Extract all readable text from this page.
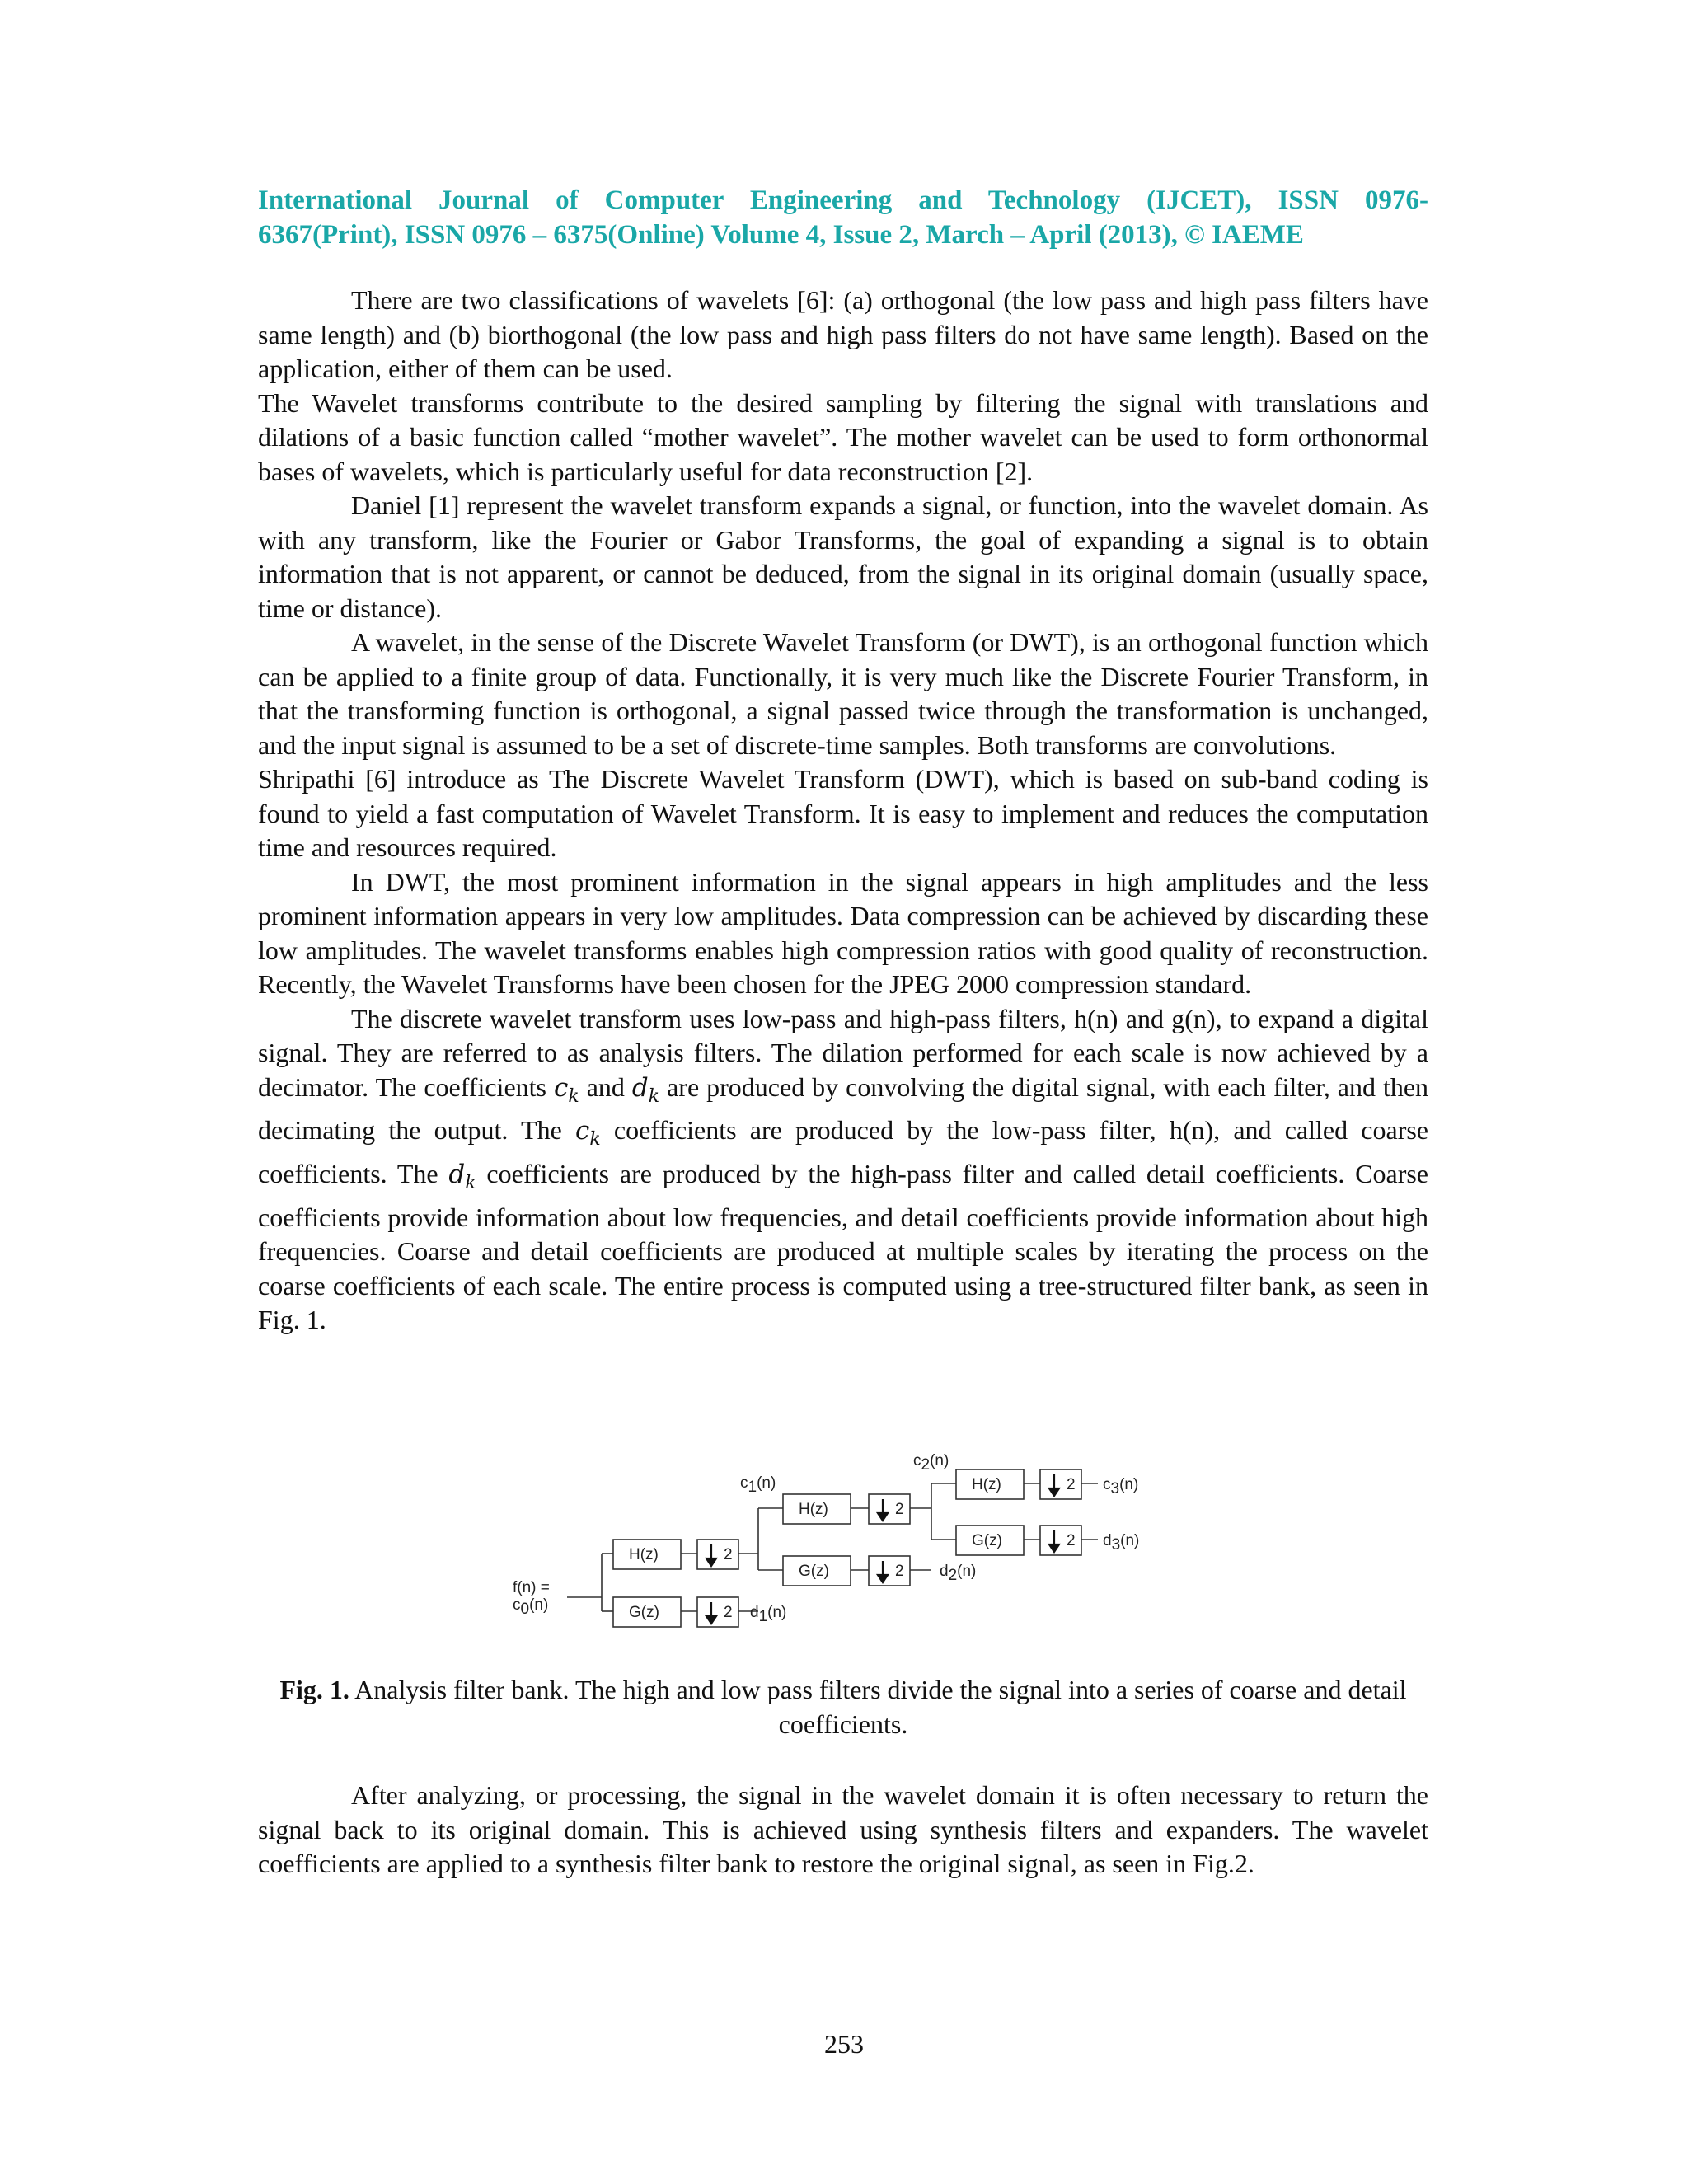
International Journal of Computer Engineering and Technology (IJCET), ISSN 0976-
6367(Print), ISSN 0976 – 6375(Online) Volume 4, Issue 2, March – April (2013), © IAEME

There are two classifications of wavelets [6]: (a) orthogonal (the low pass and high pass filters have same length) and (b) biorthogonal (the low pass and high pass filters do not have same length). Based on the application, either of them can be used.

The Wavelet transforms contribute to the desired sampling by filtering the signal with translations and dilations of a basic function called “mother wavelet”. The mother wavelet can be used to form orthonormal bases of wavelets, which is particularly useful for data reconstruction [2].

Daniel [1] represent the wavelet transform expands a signal, or function, into the wavelet domain. As with any transform, like the Fourier or Gabor Transforms, the goal of expanding a signal is to obtain information that is not apparent, or cannot be deduced, from the signal in its original domain (usually space, time or distance).

A wavelet, in the sense of the Discrete Wavelet Transform (or DWT), is an orthogonal function which can be applied to a finite group of data. Functionally, it is very much like the Discrete Fourier Transform, in that the transforming function is orthogonal, a signal passed twice through the transformation is unchanged, and the input signal is assumed to be a set of discrete-time samples. Both transforms are convolutions.

Shripathi [6] introduce as The Discrete Wavelet Transform (DWT), which is based on sub-band coding is found to yield a fast computation of Wavelet Transform. It is easy to implement and reduces the computation time and resources required.

In DWT, the most prominent information in the signal appears in high amplitudes and the less prominent information appears in very low amplitudes. Data compression can be achieved by discarding these low amplitudes. The wavelet transforms enables high compression ratios with good quality of reconstruction. Recently, the Wavelet Transforms have been chosen for the JPEG 2000 compression standard.

The discrete wavelet transform uses low-pass and high-pass filters, h(n) and g(n), to expand a digital signal. They are referred to as analysis filters. The dilation performed for each scale is now achieved by a decimator. The coefficients $c_k$ and $d_k$ are produced by convolving the digital signal, with each filter, and then decimating the output. The $c_k$ coefficients are produced by the low-pass filter, h(n), and called coarse coefficients. The $d_k$ coefficients are produced by the high-pass filter and called detail coefficients. Coarse coefficients provide information about low frequencies, and detail coefficients provide information about high frequencies. Coarse and detail coefficients are produced at multiple scales by iterating the process on the coarse coefficients of each scale. The entire process is computed using a tree-structured filter bank, as seen in Fig. 1.

H(z)
G(z)
2
2
H(z)
G(z)
2
2
H(z)
G(z)
2
2
f(n) =
c0(n)	d1(n)
c1(n)
d2(n)
c2(n)
c3(n)
d3(n)
Fig. 1. Analysis filter bank. The high and low pass filters divide the signal into a series of coarse and detail coefficients.

After analyzing, or processing, the signal in the wavelet domain it is often necessary to return the signal back to its original domain. This is achieved using synthesis filters and expanders. The wavelet coefficients are applied to a synthesis filter bank to restore the original signal, as seen in Fig.2.

253
